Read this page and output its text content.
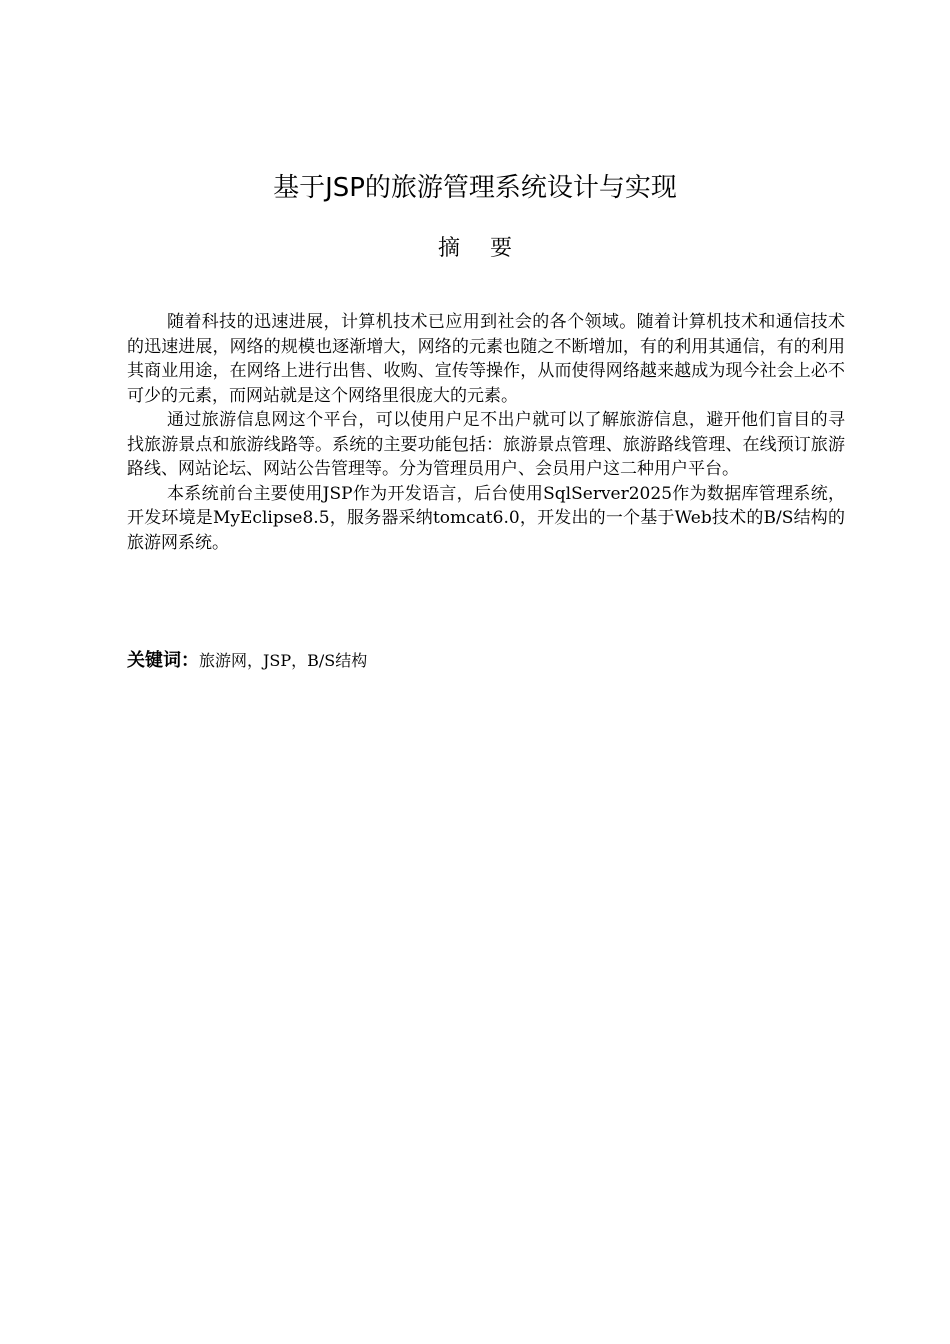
基于JSP的旅游管理系统设计与实现
摘要

随着科技的迅速进展，计算机技术已应用到社会的各个领域。随着计算机技术和通信技术的迅速进展，网络的规模也逐渐增大，网络的元素也随之不断增加，有的利用其通信，有的利用其商业用途，在网络上进行出售、收购、宣传等操作，从而使得网络越来越成为现今社会上必不可少的元素，而网站就是这个网络里很庞大的元素。

通过旅游信息网这个平台，可以使用户足不出户就可以了解旅游信息，避开他们盲目的寻找旅游景点和旅游线路等。系统的主要功能包括：旅游景点管理、旅游路线管理、在线预订旅游路线、网站论坛、网站公告管理等。分为管理员用户、会员用户这二种用户平台。

本系统前台主要使用JSP作为开发语言，后台使用SqlServer2025作为数据库管理系统，开发环境是MyEclipse8.5，服务器采纳tomcat6.0，开发出的一个基于Web技术的B/S结构的旅游网系统。

关键词：旅游网，JSP，B/S结构
